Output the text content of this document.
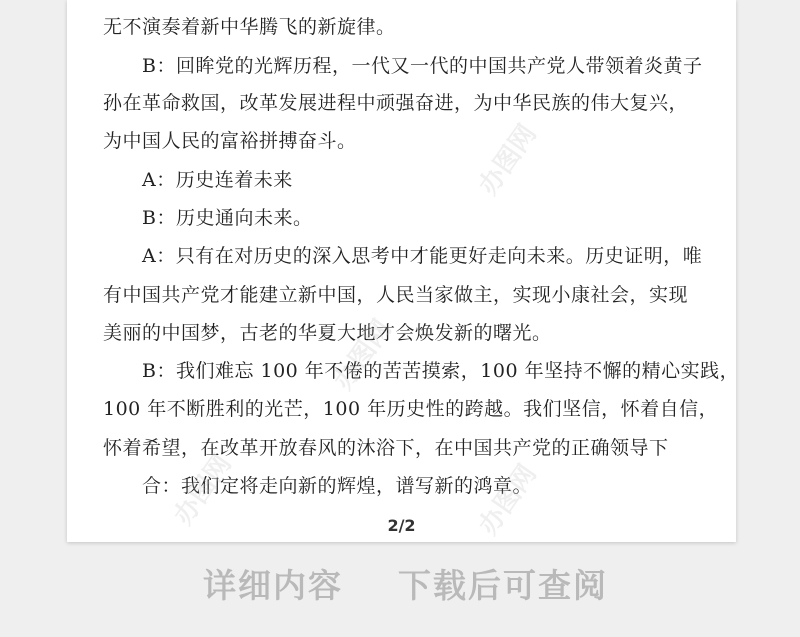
无不演奏着新中华腾飞的新旋律。
B：回眸党的光辉历程，一代又一代的中国共产党人带领着炎黄子
孙在革命救国，改革发展进程中顽强奋进，为中华民族的伟大复兴，
为中国人民的富裕拼搏奋斗。
A：历史连着未来
B：历史通向未来。
A：只有在对历史的深入思考中才能更好走向未来。历史证明，唯
有中国共产党才能建立新中国，人民当家做主，实现小康社会，实现
美丽的中国梦，古老的华夏大地才会焕发新的曙光。
B：我们难忘 100 年不倦的苦苦摸索，100 年坚持不懈的精心实践，
100 年不断胜利的光芒，100 年历史性的跨越。我们坚信，怀着自信，
怀着希望，在改革开放春风的沐浴下，在中国共产党的正确领导下
合：我们定将走向新的辉煌，谱写新的鸿章。
办图网
办图网
办图网	办图网
2/2
详细内容 下载后可查阅
